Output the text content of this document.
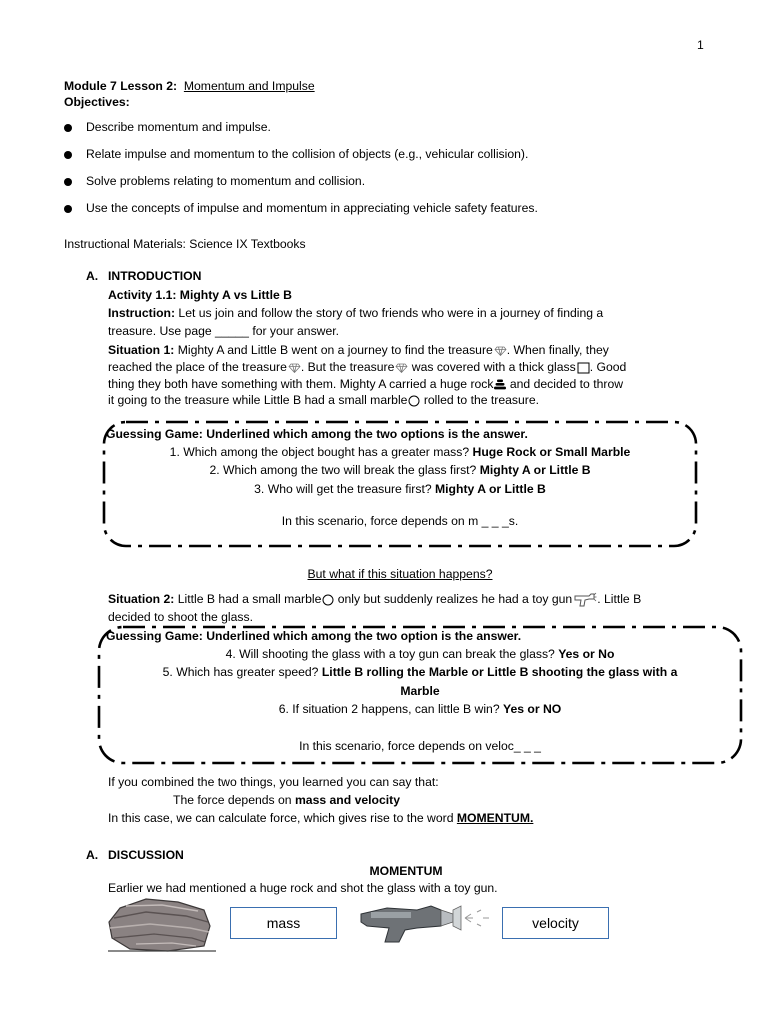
1
Module 7 Lesson 2: Momentum and Impulse
Objectives:
Describe momentum and impulse.
Relate impulse and momentum to the collision of objects (e.g., vehicular collision).
Solve problems relating to momentum and collision.
Use the concepts of impulse and momentum in appreciating vehicle safety features.
Instructional Materials: Science IX Textbooks
A. INTRODUCTION
Activity 1.1: Mighty A vs Little B
Instruction: Let us join and follow the story of two friends who were in a journey of finding a
treasure. Use page _____ for your answer.
Situation 1: Mighty A and Little B went on a journey to find the treasure . When finally, they
reached the place of the treasure . But the treasure was covered with a thick glass . Good
thing they both have something with them. Mighty A carried a huge rock and decided to throw
it going to the treasure while Little B had a small marble rolled to the treasure.
Guessing Game: Underlined which among the two options is the answer.
1. Which among the object bought has a greater mass? Huge Rock or Small Marble
2. Which among the two will break the glass first? Mighty A or Little B
3. Who will get the treasure first? Mighty A or Little B
In this scenario, force depends on m _ _ _s.
But what if this situation happens?
Situation 2: Little B had a small marble only but suddenly realizes he had a toy gun . Little B
decided to shoot the glass.
Guessing Game: Underlined which among the two option is the answer.
4. Will shooting the glass with a toy gun can break the glass? Yes or No
5. Which has greater speed? Little B rolling the Marble or Little B shooting the glass with a
Marble
6. If situation 2 happens, can little B win? Yes or NO
In this scenario, force depends on veloc_ _ _
If you combined the two things, you learned you can say that:
The force depends on mass and velocity
In this case, we can calculate force, which gives rise to the word MOMENTUM.
A. DISCUSSION
MOMENTUM
Earlier we had mentioned a huge rock and shot the glass with a toy gun.
mass	velocity
